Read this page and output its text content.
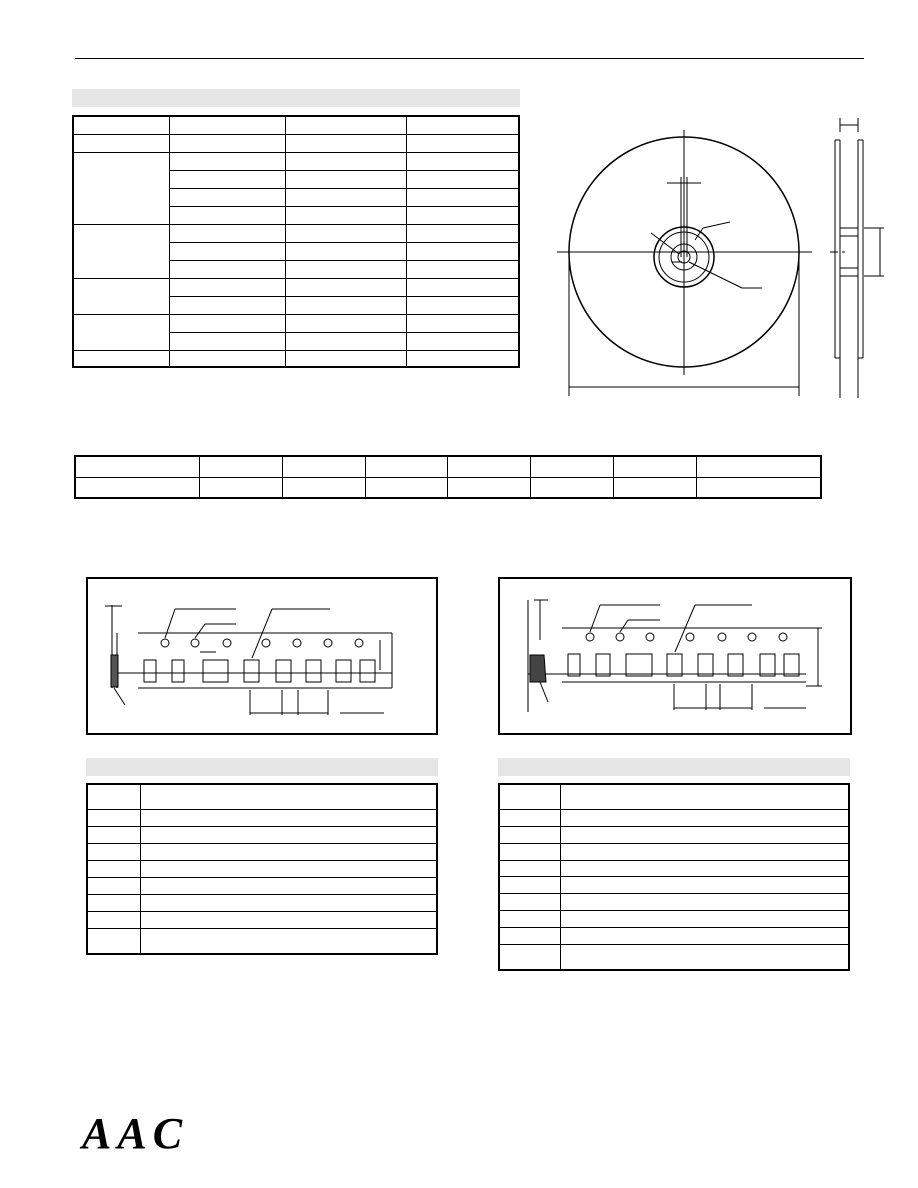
AAC
